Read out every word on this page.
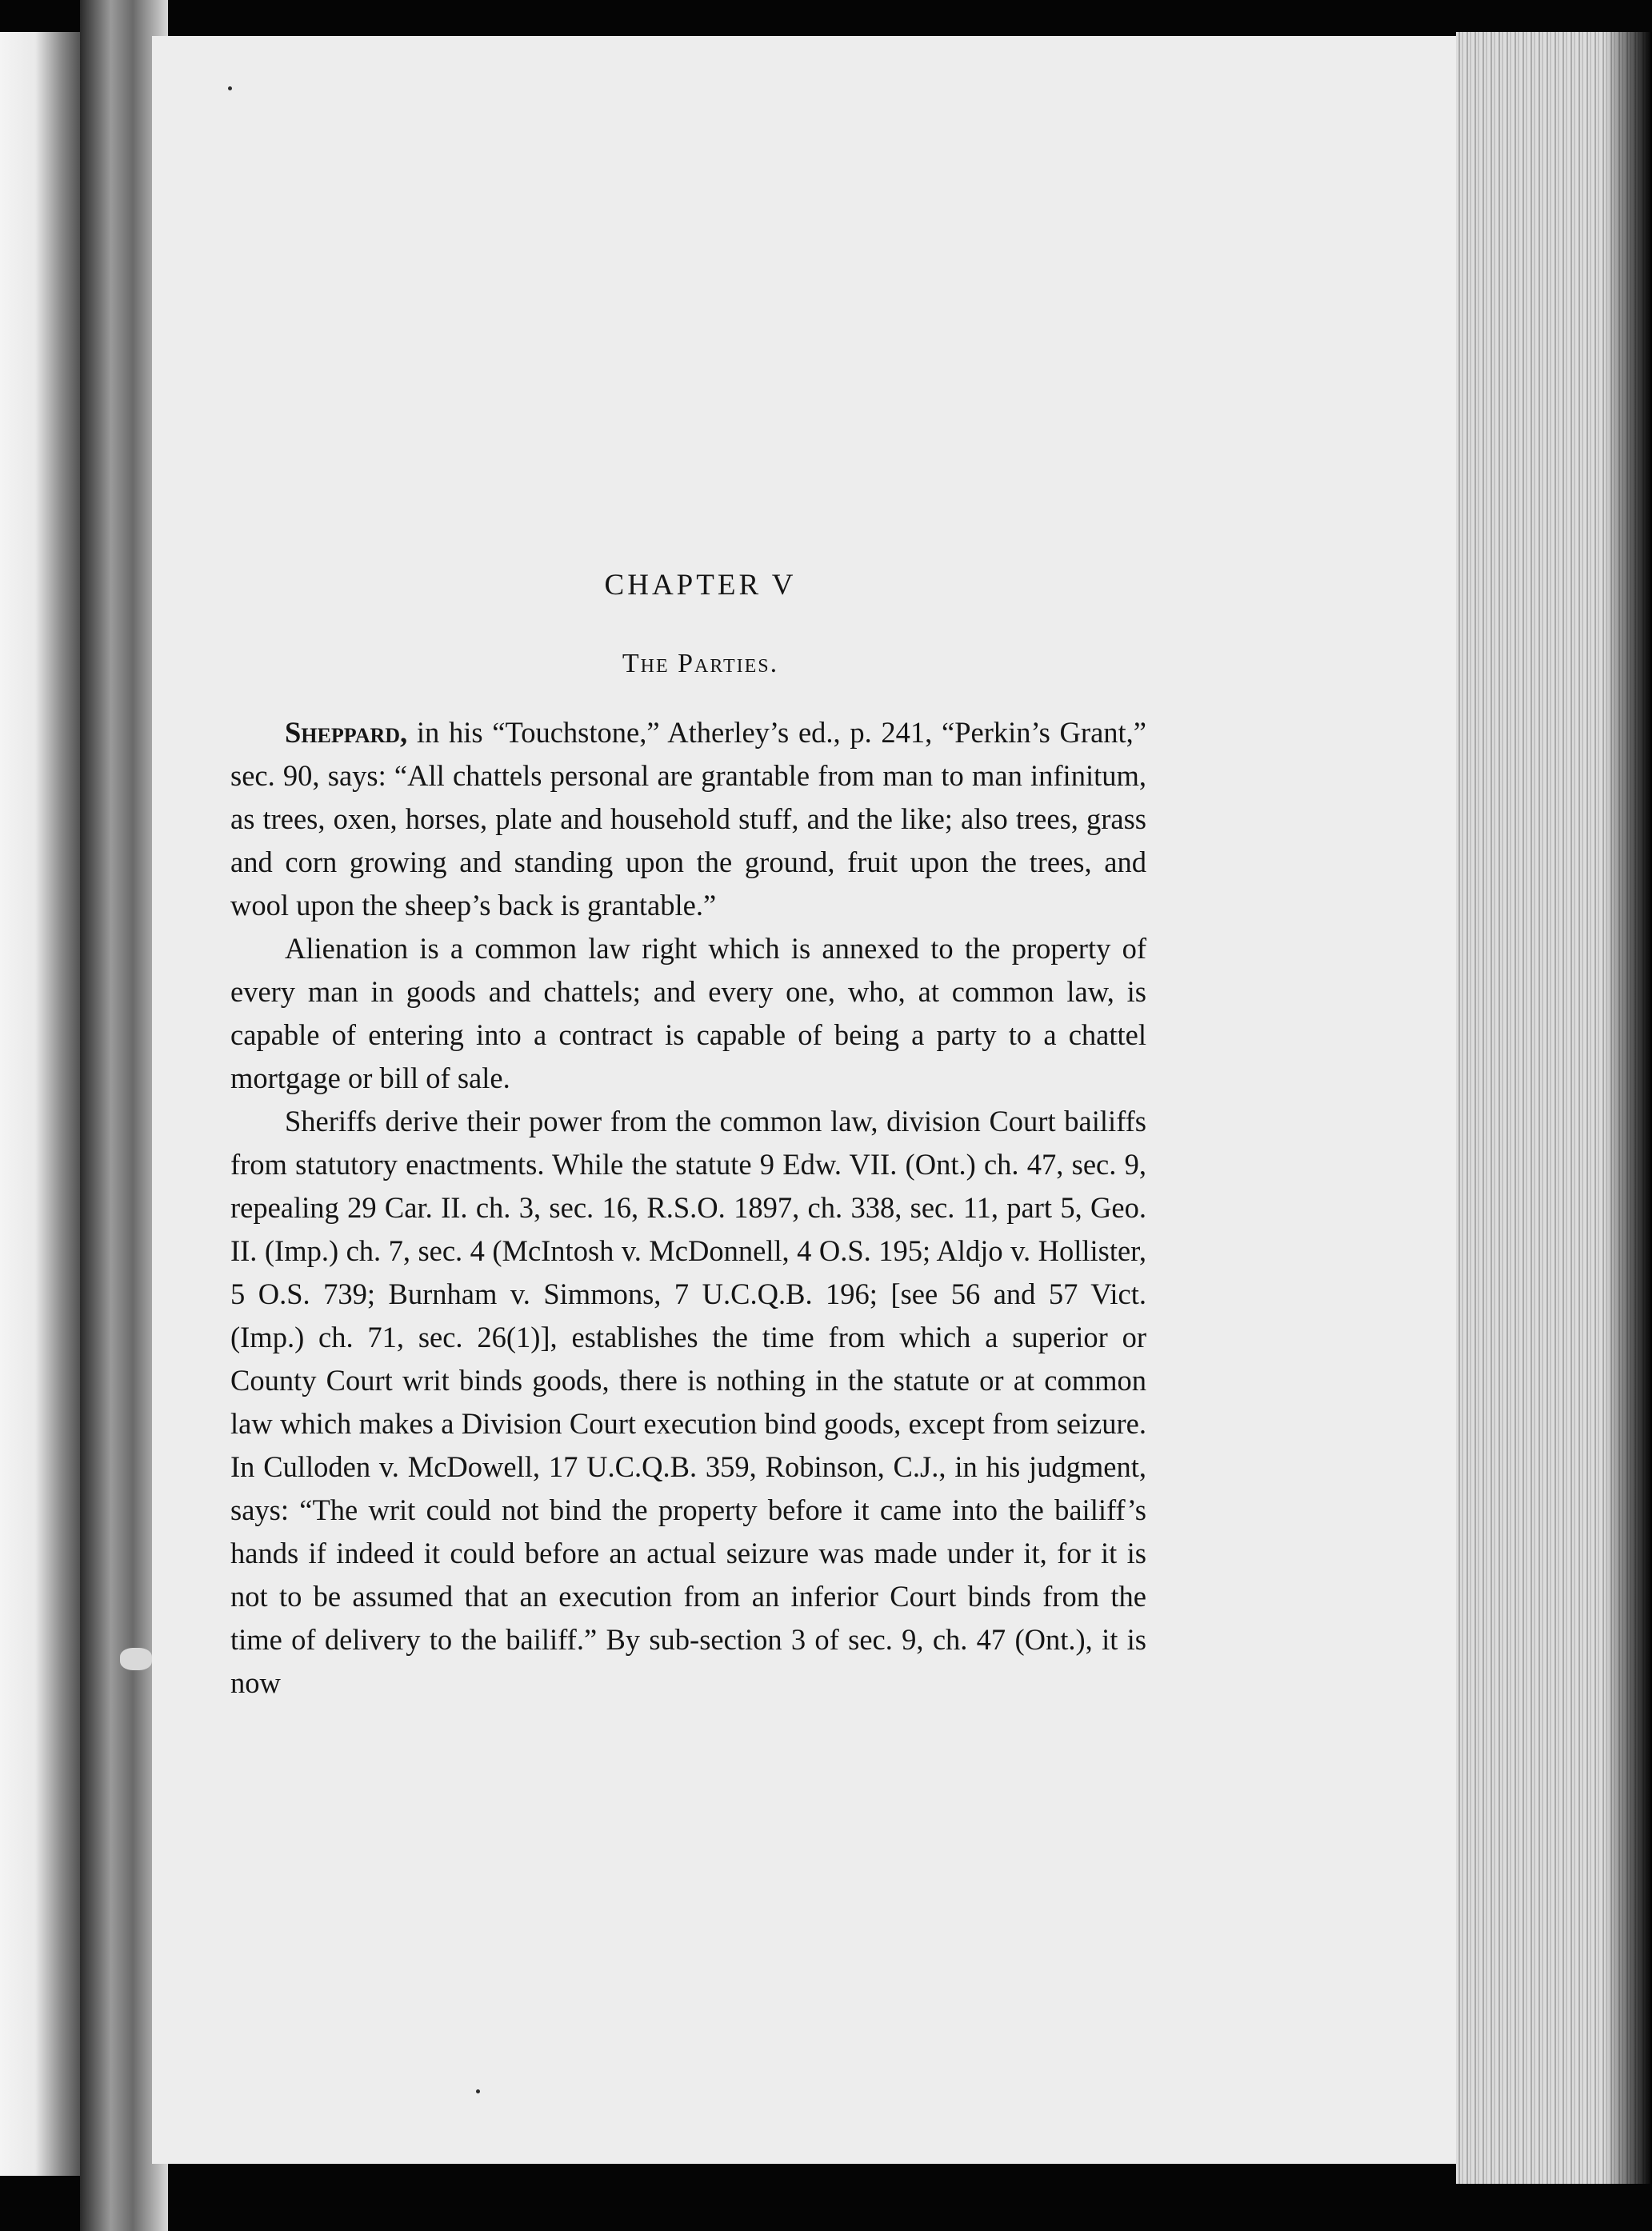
CHAPTER V
The Parties.

Sheppard, in his “Touchstone,” Atherley’s ed., p. 241, “Perkin’s Grant,” sec. 90, says: “All chattels personal are grantable from man to man infinitum, as trees, oxen, horses, plate and household stuff, and the like; also trees, grass and corn growing and standing upon the ground, fruit upon the trees, and wool upon the sheep’s back is grantable.”

Alienation is a common law right which is annexed to the property of every man in goods and chattels; and every one, who, at common law, is capable of entering into a contract is capable of being a party to a chattel mortgage or bill of sale.

Sheriffs derive their power from the common law, division Court bailiffs from statutory enactments. While the statute 9 Edw. VII. (Ont.) ch. 47, sec. 9, repealing 29 Car. II. ch. 3, sec. 16, R.S.O. 1897, ch. 338, sec. 11, part 5, Geo. II. (Imp.) ch. 7, sec. 4 (McIntosh v. McDonnell, 4 O.S. 195; Aldjo v. Hollister, 5 O.S. 739; Burnham v. Simmons, 7 U.C.Q.B. 196; [see 56 and 57 Vict. (Imp.) ch. 71, sec. 26(1)], establishes the time from which a superior or County Court writ binds goods, there is nothing in the statute or at common law which makes a Division Court execution bind goods, except from seizure. In Culloden v. McDowell, 17 U.C.Q.B. 359, Robinson, C.J., in his judgment, says: “The writ could not bind the property before it came into the bailiff’s hands if indeed it could before an actual seizure was made under it, for it is not to be assumed that an execution from an inferior Court binds from the time of delivery to the bailiff.” By sub-section 3 of sec. 9, ch. 47 (Ont.), it is now
